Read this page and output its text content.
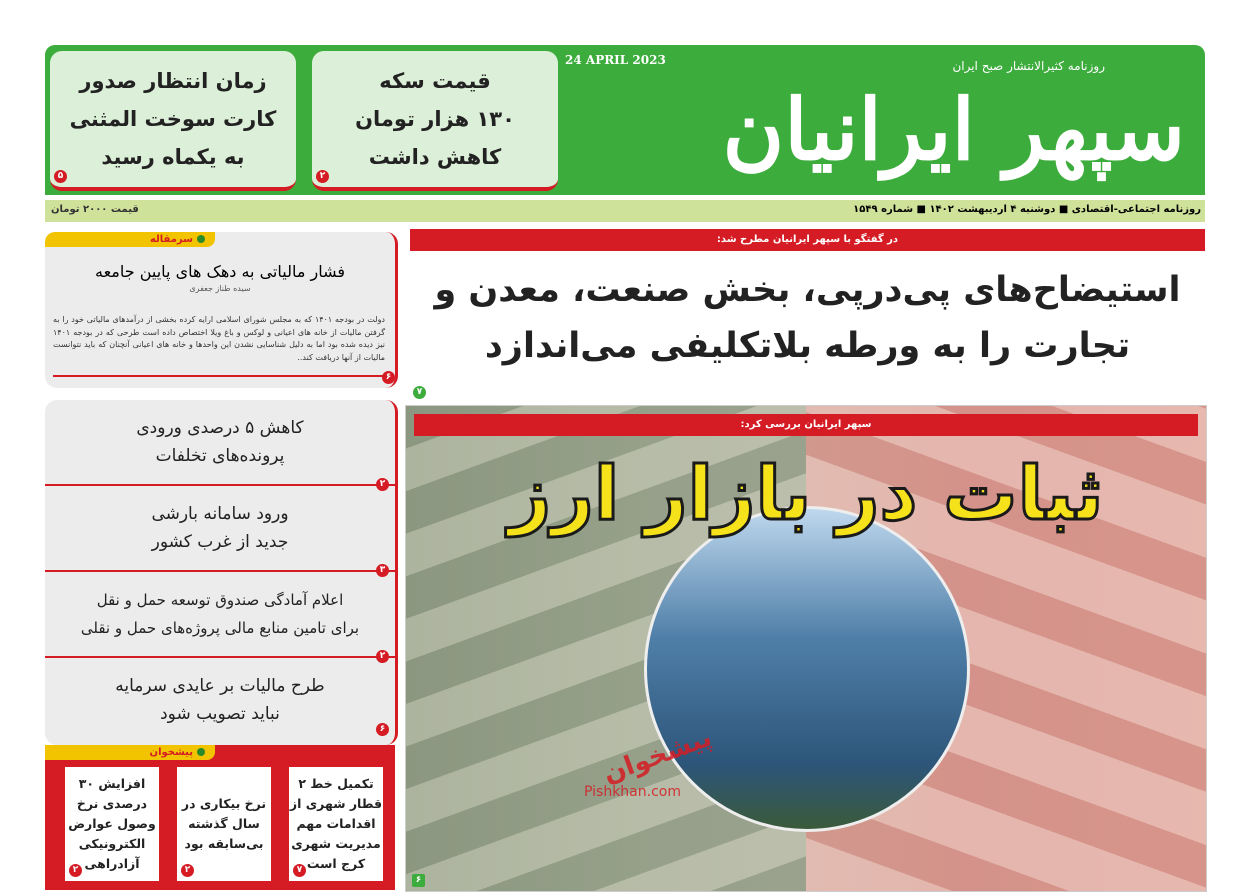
زمان انتظار صدور
کارت سوخت المثنی
به یکماه رسید
۵
قیمت سکه
۱۳۰ هزار تومان
کاهش داشت
۲
24 APRIL 2023	روزنامه کثیرالانتشار صبح ایران
سپهر ایرانیان
روزنامه اجتماعی-اقتصادی ■ دوشنبه ۴ اردیبهشت ۱۴۰۲ ■ شماره ۱۵۴۹
قیمت ۲۰۰۰ تومان
سرمقاله
فشار مالیاتی به دهک های پایین جامعه
سیده طناز جعفری
دولت در بودجه ۱۴۰۱ که به مجلس شورای اسلامی ارایه کرده بخشی از درآمدهای مالیاتی خود را به گرفتن مالیات از خانه های اعیانی و لوکس و باغ ویلا اختصاص داده است طرحی که در بودجه ۱۴۰۱ نیز دیده شده بود اما به دلیل شناسایی نشدن این واحدها و خانه های اعیانی آنچنان که باید نتوانست مالیات از آنها دریافت کند..
۶
کاهش ۵ درصدی ورودی
پرونده‌های تخلفات
۲
ورود سامانه بارشی
جدید از غرب کشور
۳
اعلام آمادگی صندوق توسعه حمل و نقل
برای تامین منابع مالی پروژه‌های حمل و نقلی
۲
طرح مالیات بر عایدی سرمایه
نباید تصویب شود
۶
پیشخوان
تکمیل خط ۲ قطار شهری از اقدامات مهم مدیریت شهری کرج است
۷
نرخ بیکاری در سال گذشته بی‌سابقه بود
۲
افزایش ۳۰ درصدی نرخ وصول عوارض الکترونیکی آزادراهی
۲
در گفتگو با سپهر ایرانیان مطرح شد:
استیضاح‌های پی‌درپی، بخش صنعت، معدن و
تجارت را به ورطه بلاتکلیفی می‌اندازد
۷
سپهر ایرانیان بررسی کرد:
ثبات در بازار ارز
پیشخوان
Pishkhan.com
۶
